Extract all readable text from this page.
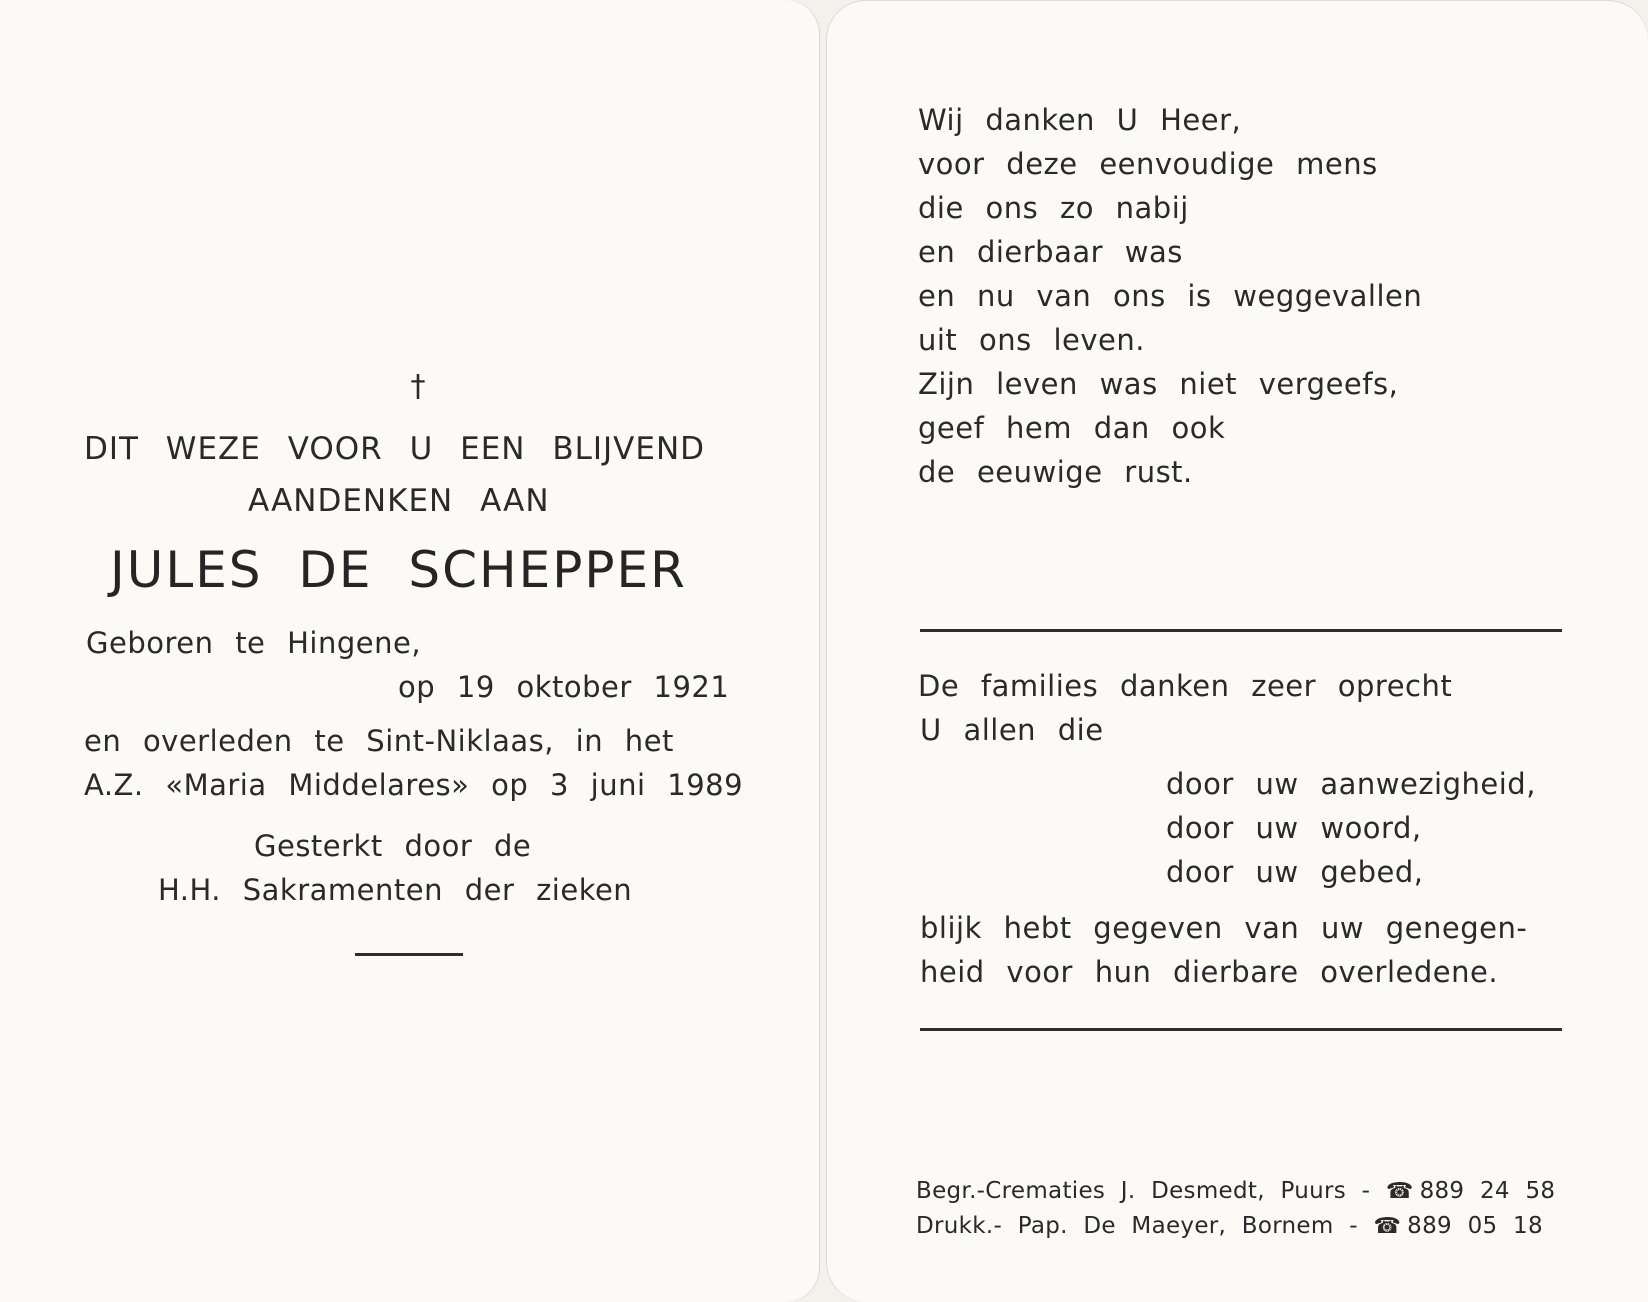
†
DIT WEZE VOOR U EEN BLIJVEND
AANDENKEN AAN
JULES DE SCHEPPER
Geboren te Hingene,
op 19 oktober 1921
en overleden te Sint-Niklaas, in het
A.Z. «Maria Middelares» op 3 juni 1989
Gesterkt door de
H.H. Sakramenten der zieken
Wij danken U Heer,
voor deze eenvoudige mens
die ons zo nabij
en dierbaar was
en nu van ons is weggevallen
uit ons leven.
Zijn leven was niet vergeefs,
geef hem dan ook
de eeuwige rust.
De families danken zeer oprecht
U allen die
door uw aanwezigheid,
door uw woord,
door uw gebed,
blijk hebt gegeven van uw genegen-
heid voor hun dierbare overledene.
Begr.-Crematies J. Desmedt, Puurs - ☎ 889 24 58
Drukk.- Pap. De Maeyer, Bornem - ☎ 889 05 18
